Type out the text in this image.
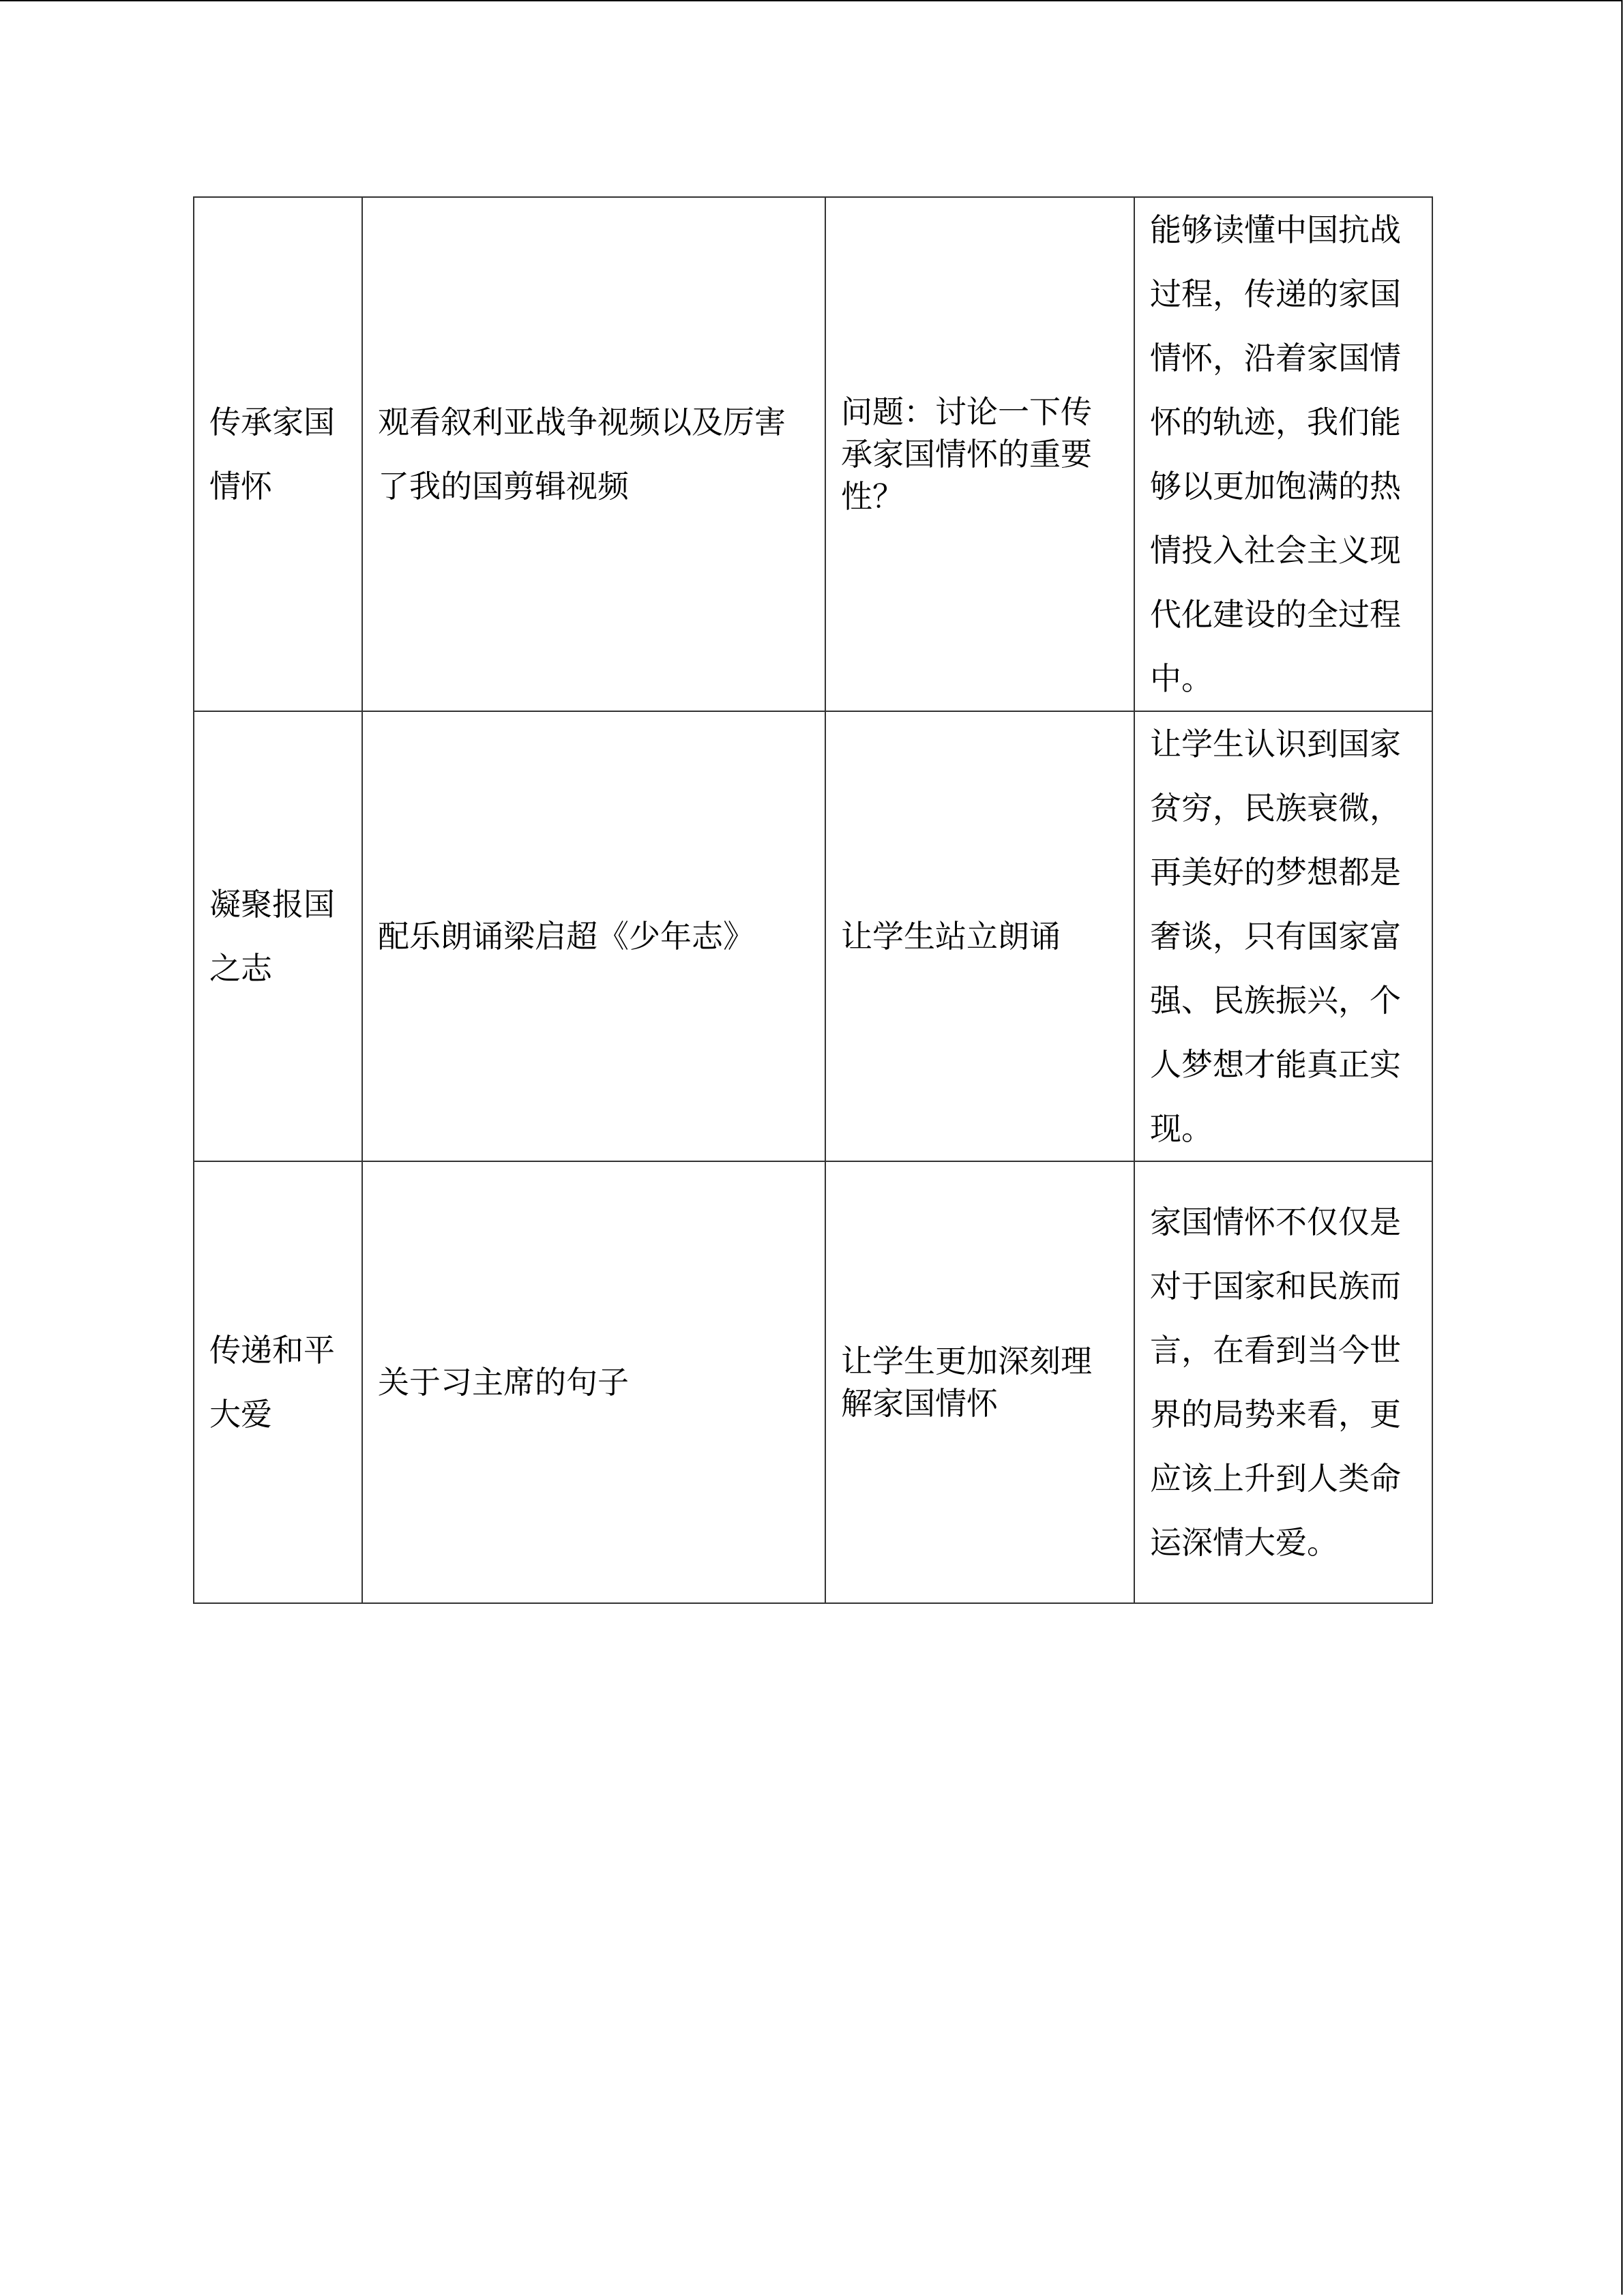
传承家国情怀	观看叙利亚战争视频以及厉害了我的国剪辑视频	问题：讨论一下传承家国情怀的重要性？	能够读懂中国抗战过程，传递的家国情怀，沿着家国情怀的轨迹，我们能够以更加饱满的热情投入社会主义现代化建设的全过程中。
凝聚报国之志	配乐朗诵梁启超《少年志》	让学生站立朗诵	让学生认识到国家贫穷，民族衰微，再美好的梦想都是奢谈，只有国家富强、民族振兴，个人梦想才能真正实现。
传递和平大爱	关于习主席的句子	让学生更加深刻理解家国情怀	家国情怀不仅仅是对于国家和民族而言，在看到当今世界的局势来看，更应该上升到人类命运深情大爱。
